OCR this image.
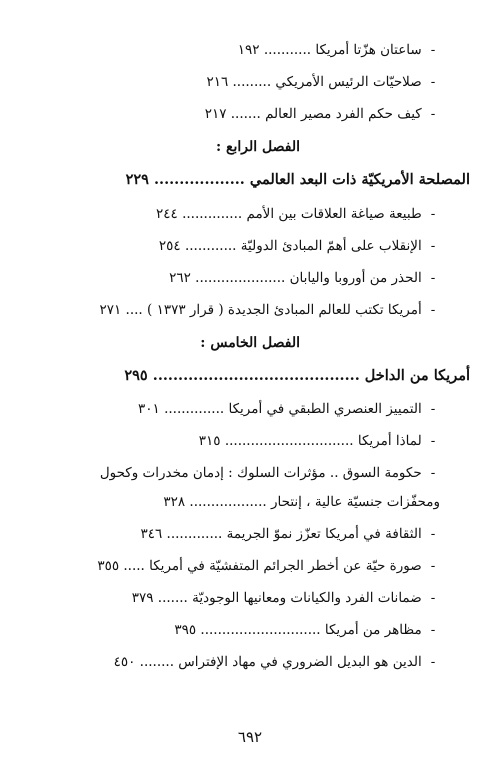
- ساعتان هزّتا أمريكا ........... ١٩٢
- صلاحيّات الرئيس الأمريكي ......... ٢١٦
- كيف حكم الفرد مصير العالم ....... ٢١٧
الفصل الرابع :
المصلحة الأمريكيّة ذات البعد العالمي .................. ٢٢٩
- طبيعة صياغة العلاقات بين الأمم .............. ٢٤٤
- الإنقلاب على أهمّ المبادئ الدوليّة ............ ٢٥٤
- الحذر من أوروبا واليابان ..................... ٢٦٢
- أمريكا تكتب للعالم المبادئ الجديدة ( قرار ١٣٧٣ ) .... ٢٧١
الفصل الخامس :
أمريكا من الداخل ......................................... ٢٩٥
- التمييز العنصري الطبقي في أمريكا .............. ٣٠١
- لماذا أمريكا .............................. ٣١٥
- حكومة السوق .. مؤثرات السلوك : إدمان مخدرات وكحول
ومحفّزات جنسيّة عالية ، إنتحار .................. ٣٢٨
- الثقافة في أمريكا تعزّز نموّ الجريمة ............. ٣٤٦
- صورة حيّة عن أخطر الجرائم المتفشيّة في أمريكا ..... ٣٥٥
- ضمانات الفرد والكيانات ومعانيها الوجوديّة ....... ٣٧٩
- مظاهر من أمريكا ............................ ٣٩٥
- الدين هو البديل الضروري في مهاد الإفتراس ........ ٤٥٠
٦٩٢
